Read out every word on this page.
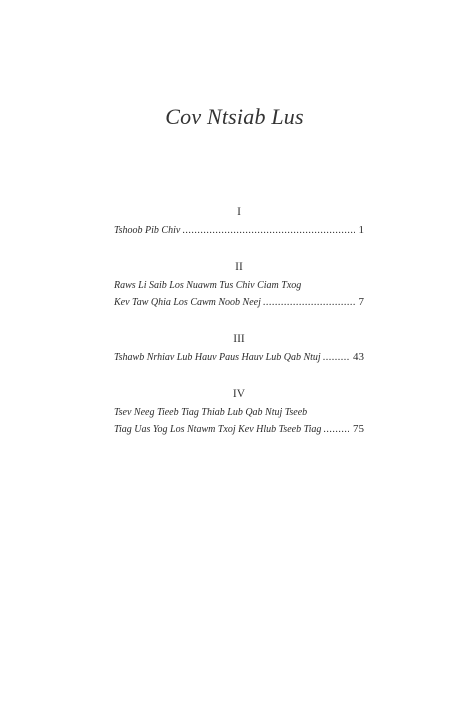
Cov Ntsiab Lus
I
Tshoob Pib Chiv .....	1
II
Raws Li Saib Los Nuawm Tus Chiv Ciam Txog
Kev Taw Qhia Los Cawm Noob Neej .....	7
III
Tshawb Nrhiav Lub Hauv Paus Hauv Lub Qab Ntuj .....	43
IV
Tsev Neeg Tieeb Tiag Thiab Lub Qab Ntuj Tseeb
Tiag Uas Yog Los Ntawm Txoj Kev Hlub Tseeb Tiag .....	75
